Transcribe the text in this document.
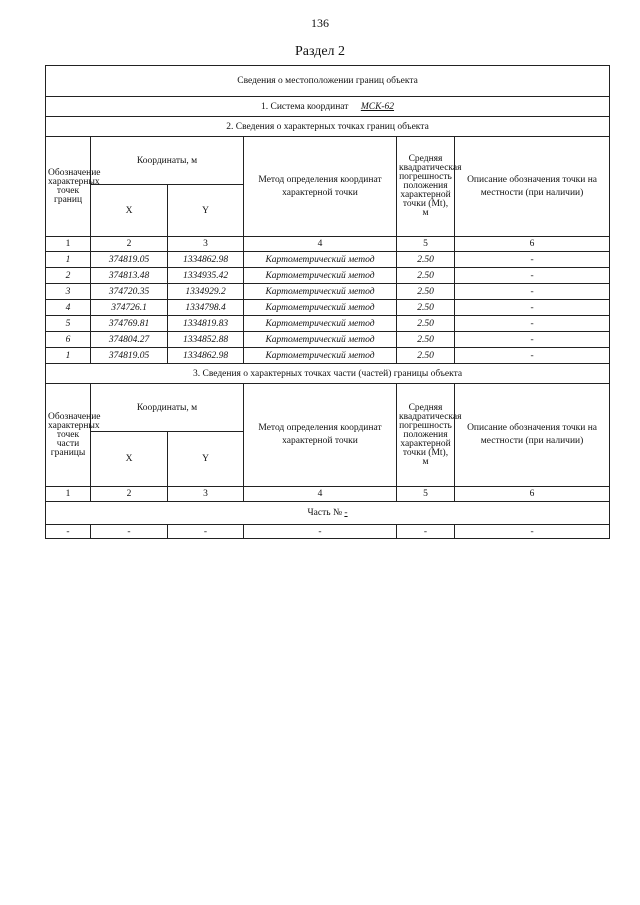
136
Раздел 2
Сведения о местоположении границ объекта					
1. Система координат МСК-62					
2. Сведения о характерных точках границ объекта					
Обозначение характерных точек границ	Координаты, м		Метод определения координат характерной точки	Средняя квадратическая погрешность положения характерной точки (Mt), м	Описание обозначения точки на местности (при наличии)
	X	Y			
1	2	3	4	5	6
1	374819.05	1334862.98	Картометрический метод	2.50	-
2	374813.48	1334935.42	Картометрический метод	2.50	-
3	374720.35	1334929.2	Картометрический метод	2.50	-
4	374726.1	1334798.4	Картометрический метод	2.50	-
5	374769.81	1334819.83	Картометрический метод	2.50	-
6	374804.27	1334852.88	Картометрический метод	2.50	-
1	374819.05	1334862.98	Картометрический метод	2.50	-
3. Сведения о характерных точках части (частей) границы объекта					
Обозначение характерных точек части границы	Координаты, м		Метод определения координат характерной точки	Средняя квадратическая погрешность положения характерной точки (Mt), м	Описание обозначения точки на местности (при наличии)
	X	Y			
1	2	3	4	5	6
Часть № -					
-	-	-	-	-	-
